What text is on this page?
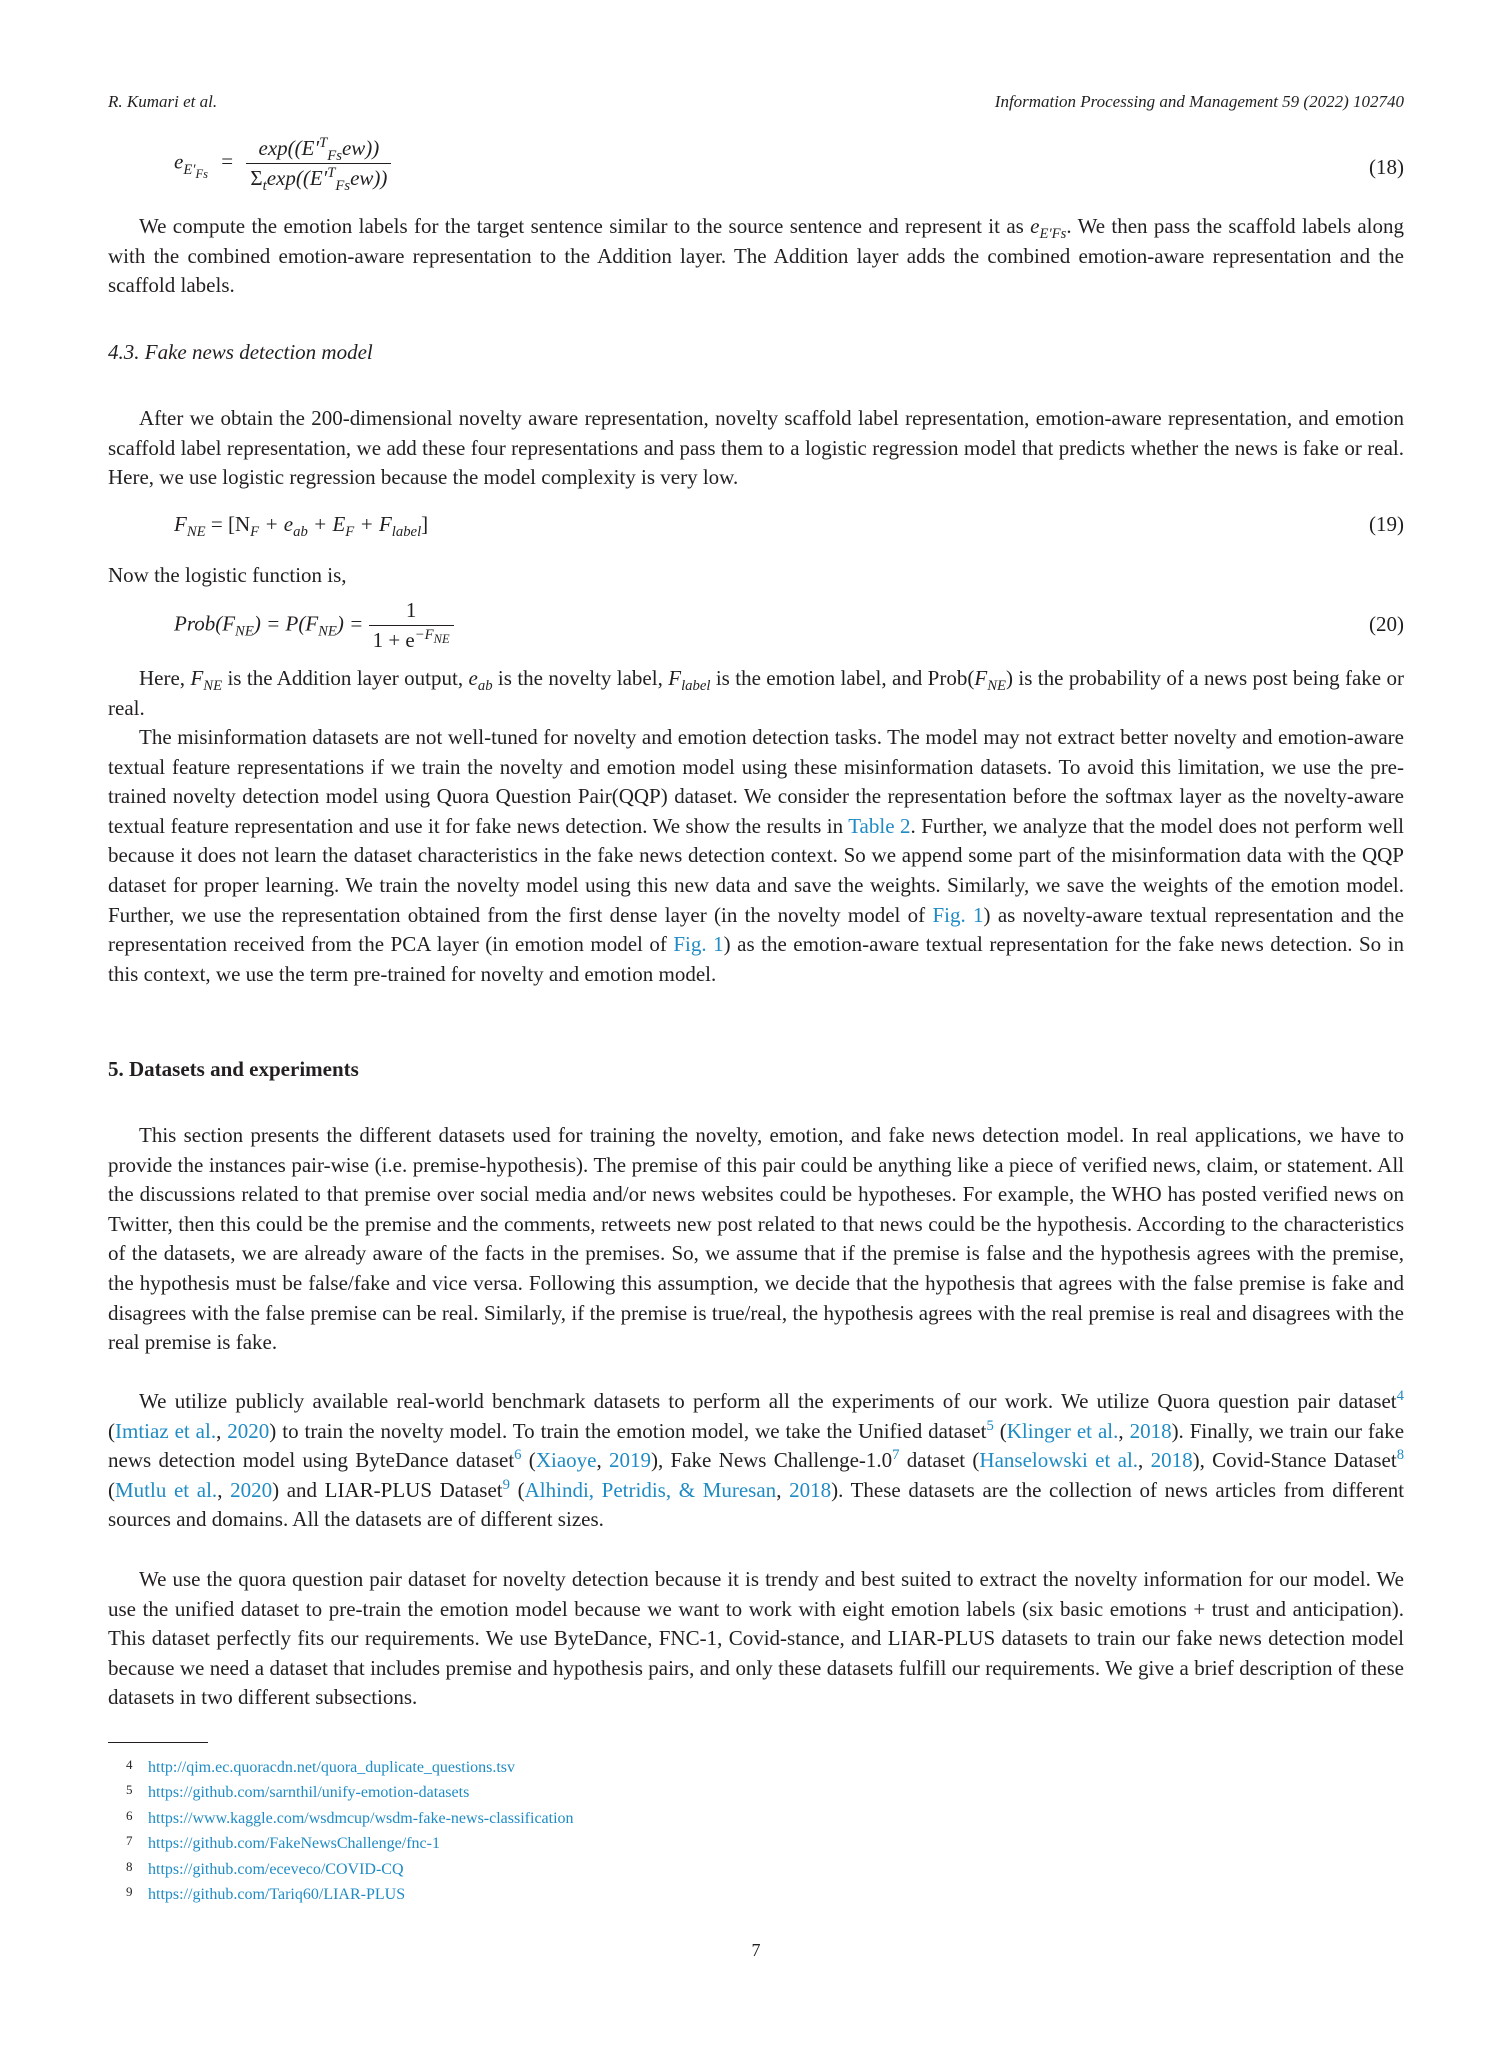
R. Kumari et al.	Information Processing and Management 59 (2022) 102740
$e_{E'_{Fs}} = \frac{\exp((E'^T_{Fs}ew))}{\Sigma_t\exp((E'^T_{Fs}ew))}$	(18)

We compute the emotion labels for the target sentence similar to the source sentence and represent it as $e_{E'Fs}$. We then pass the scaffold labels along with the combined emotion-aware representation to the Addition layer. The Addition layer adds the combined emotion-aware representation and the scaffold labels.

4.3. Fake news detection model

After we obtain the 200-dimensional novelty aware representation, novelty scaffold label representation, emotion-aware representation, and emotion scaffold label representation, we add these four representations and pass them to a logistic regression model that predicts whether the news is fake or real. Here, we use logistic regression because the model complexity is very low.

$F_{NE} = [N_F + e_{ab} + E_F + F_{label}]$	(19)

Now the logistic function is,

$Prob(F_{NE}) = P(F_{NE}) = \frac{1}{1 + e^{-F_{NE}}}$	(20)

Here, $F_{NE}$ is the Addition layer output, $e_{ab}$ is the novelty label, $F_{label}$ is the emotion label, and $Prob(F_{NE})$ is the probability of a news post being fake or real.

The misinformation datasets are not well-tuned for novelty and emotion detection tasks. The model may not extract better novelty and emotion-aware textual feature representations if we train the novelty and emotion model using these misinformation datasets. To avoid this limitation, we use the pre-trained novelty detection model using Quora Question Pair(QQP) dataset. We consider the representation before the softmax layer as the novelty-aware textual feature representation and use it for fake news detection. We show the results in Table 2. Further, we analyze that the model does not perform well because it does not learn the dataset characteristics in the fake news detection context. So we append some part of the misinformation data with the QQP dataset for proper learning. We train the novelty model using this new data and save the weights. Similarly, we save the weights of the emotion model. Further, we use the representation obtained from the first dense layer (in the novelty model of Fig. 1) as novelty-aware textual representation and the representation received from the PCA layer (in emotion model of Fig. 1) as the emotion-aware textual representation for the fake news detection. So in this context, we use the term pre-trained for novelty and emotion model.

5. Datasets and experiments

This section presents the different datasets used for training the novelty, emotion, and fake news detection model. In real applications, we have to provide the instances pair-wise (i.e. premise-hypothesis). The premise of this pair could be anything like a piece of verified news, claim, or statement. All the discussions related to that premise over social media and/or news websites could be hypotheses. For example, the WHO has posted verified news on Twitter, then this could be the premise and the comments, retweets new post related to that news could be the hypothesis. According to the characteristics of the datasets, we are already aware of the facts in the premises. So, we assume that if the premise is false and the hypothesis agrees with the premise, the hypothesis must be false/fake and vice versa. Following this assumption, we decide that the hypothesis that agrees with the false premise is fake and disagrees with the false premise can be real. Similarly, if the premise is true/real, the hypothesis agrees with the real premise is real and disagrees with the real premise is fake.

We utilize publicly available real-world benchmark datasets to perform all the experiments of our work. We utilize Quora question pair dataset$^4$ (Imtiaz et al., 2020) to train the novelty model. To train the emotion model, we take the Unified dataset$^5$ (Klinger et al., 2018). Finally, we train our fake news detection model using ByteDance dataset$^6$ (Xiaoye, 2019), Fake News Challenge-1.0$^7$ dataset (Hanselowski et al., 2018), Covid-Stance Dataset$^8$ (Mutlu et al., 2020) and LIAR-PLUS Dataset$^9$ (Alhindi, Petridis, & Muresan, 2018). These datasets are the collection of news articles from different sources and domains. All the datasets are of different sizes.

We use the quora question pair dataset for novelty detection because it is trendy and best suited to extract the novelty information for our model. We use the unified dataset to pre-train the emotion model because we want to work with eight emotion labels (six basic emotions + trust and anticipation). This dataset perfectly fits our requirements. We use ByteDance, FNC-1, Covid-stance, and LIAR-PLUS datasets to train our fake news detection model because we need a dataset that includes premise and hypothesis pairs, and only these datasets fulfill our requirements. We give a brief description of these datasets in two different subsections.

4 http://qim.ec.quoracdn.net/quora_duplicate_questions.tsv
5 https://github.com/sarnthil/unify-emotion-datasets
6 https://www.kaggle.com/wsdmcup/wsdm-fake-news-classification
7 https://github.com/FakeNewsChallenge/fnc-1
8 https://github.com/eceveco/COVID-CQ
9 https://github.com/Tariq60/LIAR-PLUS
7
